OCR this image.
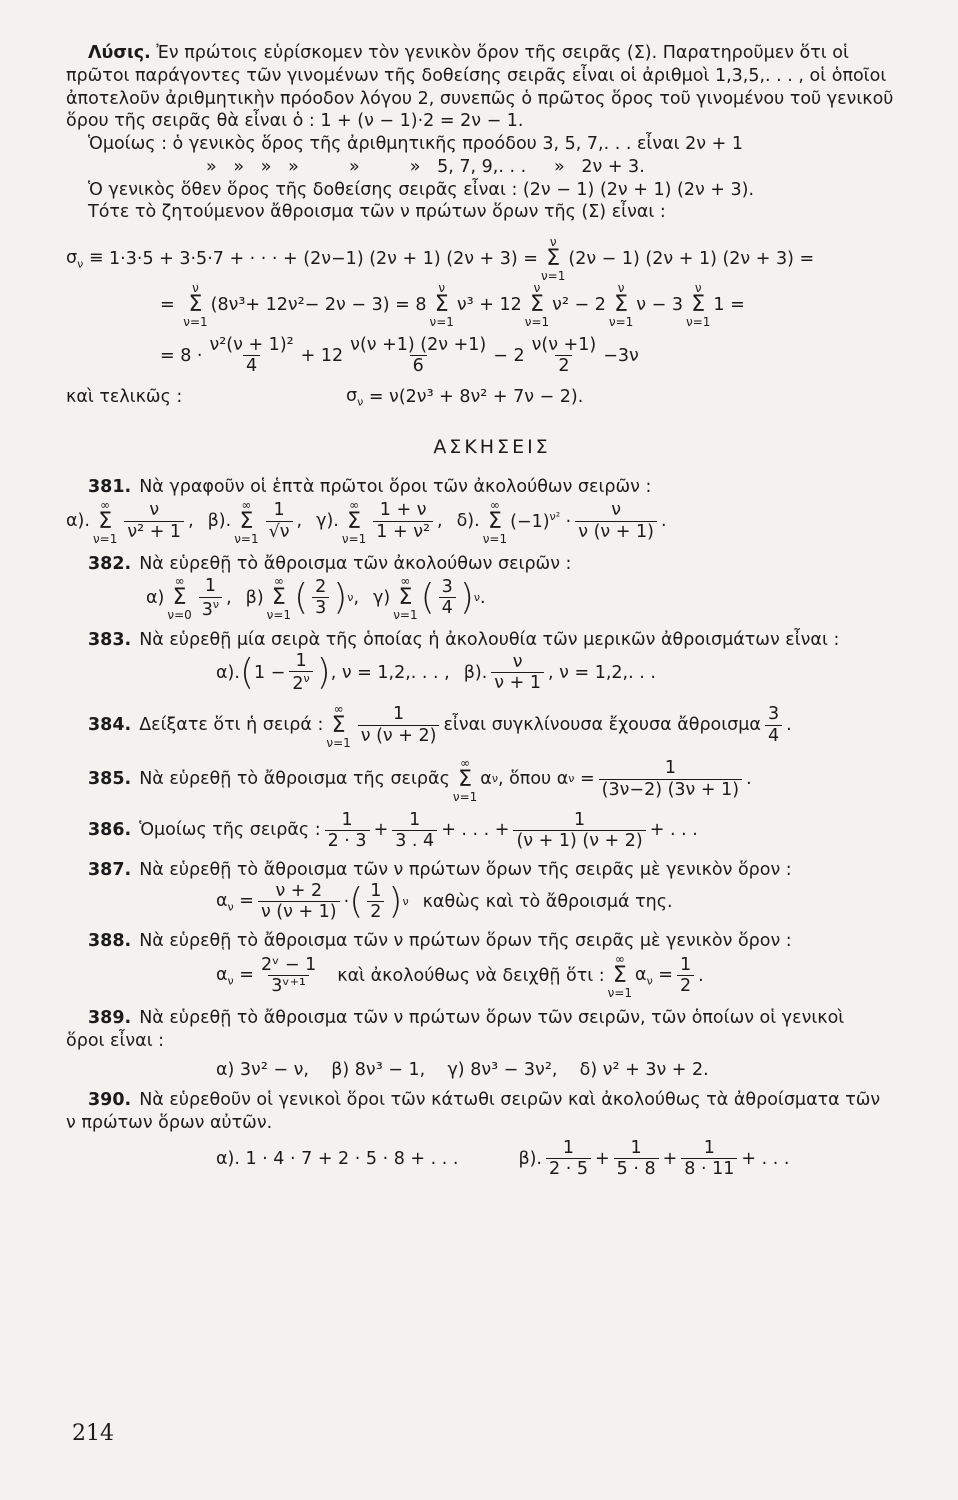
Λύσις. Ἐν πρώτοις εὑρίσκομεν τὸν γενικὸν ὅρον τῆς σειρᾶς (Σ). Παρατηροῦμεν ὅτι οἱ

πρῶτοι παράγοντες τῶν γινομένων τῆς δοθείσης σειρᾶς εἶναι οἱ ἀριθμοὶ 1,3,5,. . . , οἱ ὁποῖοι

ἀποτελοῦν ἀριθμητικὴν πρόοδον λόγου 2, συνεπῶς ὁ πρῶτος ὅρος τοῦ γινομένου τοῦ γενικοῦ

ὅρου τῆς σειρᾶς θὰ εἶναι ὁ : 1 + (ν − 1)·2 = 2ν − 1.

Ὁμοίως : ὁ γενικὸς ὅρος τῆς ἀριθμητικῆς προόδου 3, 5, 7,. . . εἶναι 2ν + 1

»   »   »   »         »         »   5, 7, 9,. . .     »   2ν + 3.

Ὁ γενικὸς ὅθεν ὅρος τῆς δοθείσης σειρᾶς εἶναι : (2ν − 1) (2ν + 1) (2ν + 3).

Τότε τὸ ζητούμενον ἄθροισμα τῶν ν πρώτων ὅρων τῆς (Σ) εἶναι :

$\sigma_\nu \equiv 1\cdot 3\cdot 5 + 3\cdot 5\cdot 7$ + · · · + (2ν−1) (2ν + 1) (2ν + 3) =
ν
Σ
ν=1
(2ν − 1) (2ν + 1) (2ν + 3) =
=
ν
Σ
ν=1
(8ν³+ 12ν²− 2ν − 3) = 8
ν
Σ
ν=1
ν³ + 12
ν
Σ
ν=1
ν² − 2
ν
Σ
ν=1
ν − 3
ν
Σ
ν=1
1 =
= $8 \cdot \frac{\text{ν²(ν + 1)²}}{4} + 12 \frac{\nu(\nu +1) (2\nu +1)}{6} - 2 \frac{\nu(\nu +1)}{2} -3\nu$
καὶ τελικῶς :	$\sigma_\nu = \nu(2\nu^3 + 8\nu^2 + 7\nu - 2)$.
ΑΣΚΗΣΕΙΣ

381. Νὰ γραφοῦν οἱ ἑπτὰ πρῶτοι ὅροι τῶν ἀκολούθων σειρῶν :

α).
∞
Σ
$\nu=1 \frac{\nu}{\text{ν² + 1}}$ , β).
∞
Σ
$\nu=1 \frac{1}{√\nu}$ , γ).
∞
Σ
$\nu=1 \frac{1 + \nu}{\text{1 + ν²}}$ , δ).
∞
Σ
ν=1
$(-1)^{\nu^2} \cdot \frac{\nu}{\nu (\nu + 1)}$ .

382. Νὰ εὑρεθῇ τὸ ἄθροισμα τῶν ἀκολούθων σειρῶν :

α)
∞
Σ
$\nu=0 \frac{1}{3^\nu}$ , β)
∞
Σ
ν=1 ( $\frac{2}{3}$ ) ν , γ)
∞
Σ
ν=1 ( $\frac{3}{4}$ ) ν .

383. Νὰ εὑρεθῇ μία σειρὰ τῆς ὁποίας ἡ ἀκολουθία τῶν μερικῶν ἀθροισμάτων εἶναι :

α). ( $1 - \frac{1}{2^\nu}$ ) , ν = 1,2,. . . , β). $\frac{\nu}{\nu + 1}$ , ν = 1,2,. . .
384. Δείξατε ὅτι ἡ σειρά :
∞
Σ
$\nu=1 \frac{1}{\nu (\nu + 2)}$ εἶναι συγκλίνουσα ἔχουσα ἄθροισμα $\frac{3}{4}$ .
385. Νὰ εὑρεθῇ τὸ ἄθροισμα τῆς σειρᾶς
∞
Σ
ν=1
α ν , ὅπου α $\nu = \frac{1}{(3\nu-2) (3\nu + 1)}$ .
386. Ὁμοίως τῆς σειρᾶς : $\frac{1}{2 \cdot 3} + \frac{1}{3 . 4}$ + . . . + $\frac{1}{(\nu + 1) (\nu + 2)}$ + . . .

387. Νὰ εὑρεθῇ τὸ ἄθροισμα τῶν ν πρώτων ὅρων τῆς σειρᾶς μὲ γενικὸν ὅρον :

$\alpha_\nu = \frac{\nu + 2}{\nu (\nu + 1)}$ · ( $\frac{1}{2}$ ) ν καθὼς καὶ τὸ ἄθροισμά της.

388. Νὰ εὑρεθῇ τὸ ἄθροισμα τῶν ν πρώτων ὅρων τῆς σειρᾶς μὲ γενικὸν ὅρον :

$\alpha_\nu = \frac{\text{2ᵛ − 1}}{\text{3ᵛ⁺¹}}$ καὶ ἀκολούθως νὰ δειχθῇ ὅτι :
∞
Σ
ν=1
$\alpha_\nu = \frac{1}{2}$ .

389. Νὰ εὑρεθῇ τὸ ἄθροισμα τῶν ν πρώτων ὅρων τῶν σειρῶν, τῶν ὁποίων οἱ γενικοὶ

ὅροι εἶναι :

α) 3ν² − ν,    β) 8ν³ − 1,    γ) 8ν³ − 3ν²,    δ) ν² + 3ν + 2.

390. Νὰ εὑρεθοῦν οἱ γενικοὶ ὅροι τῶν κάτωθι σειρῶν καὶ ἀκολούθως τὰ ἀθροίσματα τῶν

ν πρώτων ὅρων αὐτῶν.

α). 1 · 4 · 7 + 2 · 5 · 8 + . . .	β). $\frac{1}{2 \cdot 5} + \frac{1}{5 \cdot 8} + \frac{1}{8 \cdot 11}$ + . . .
214
